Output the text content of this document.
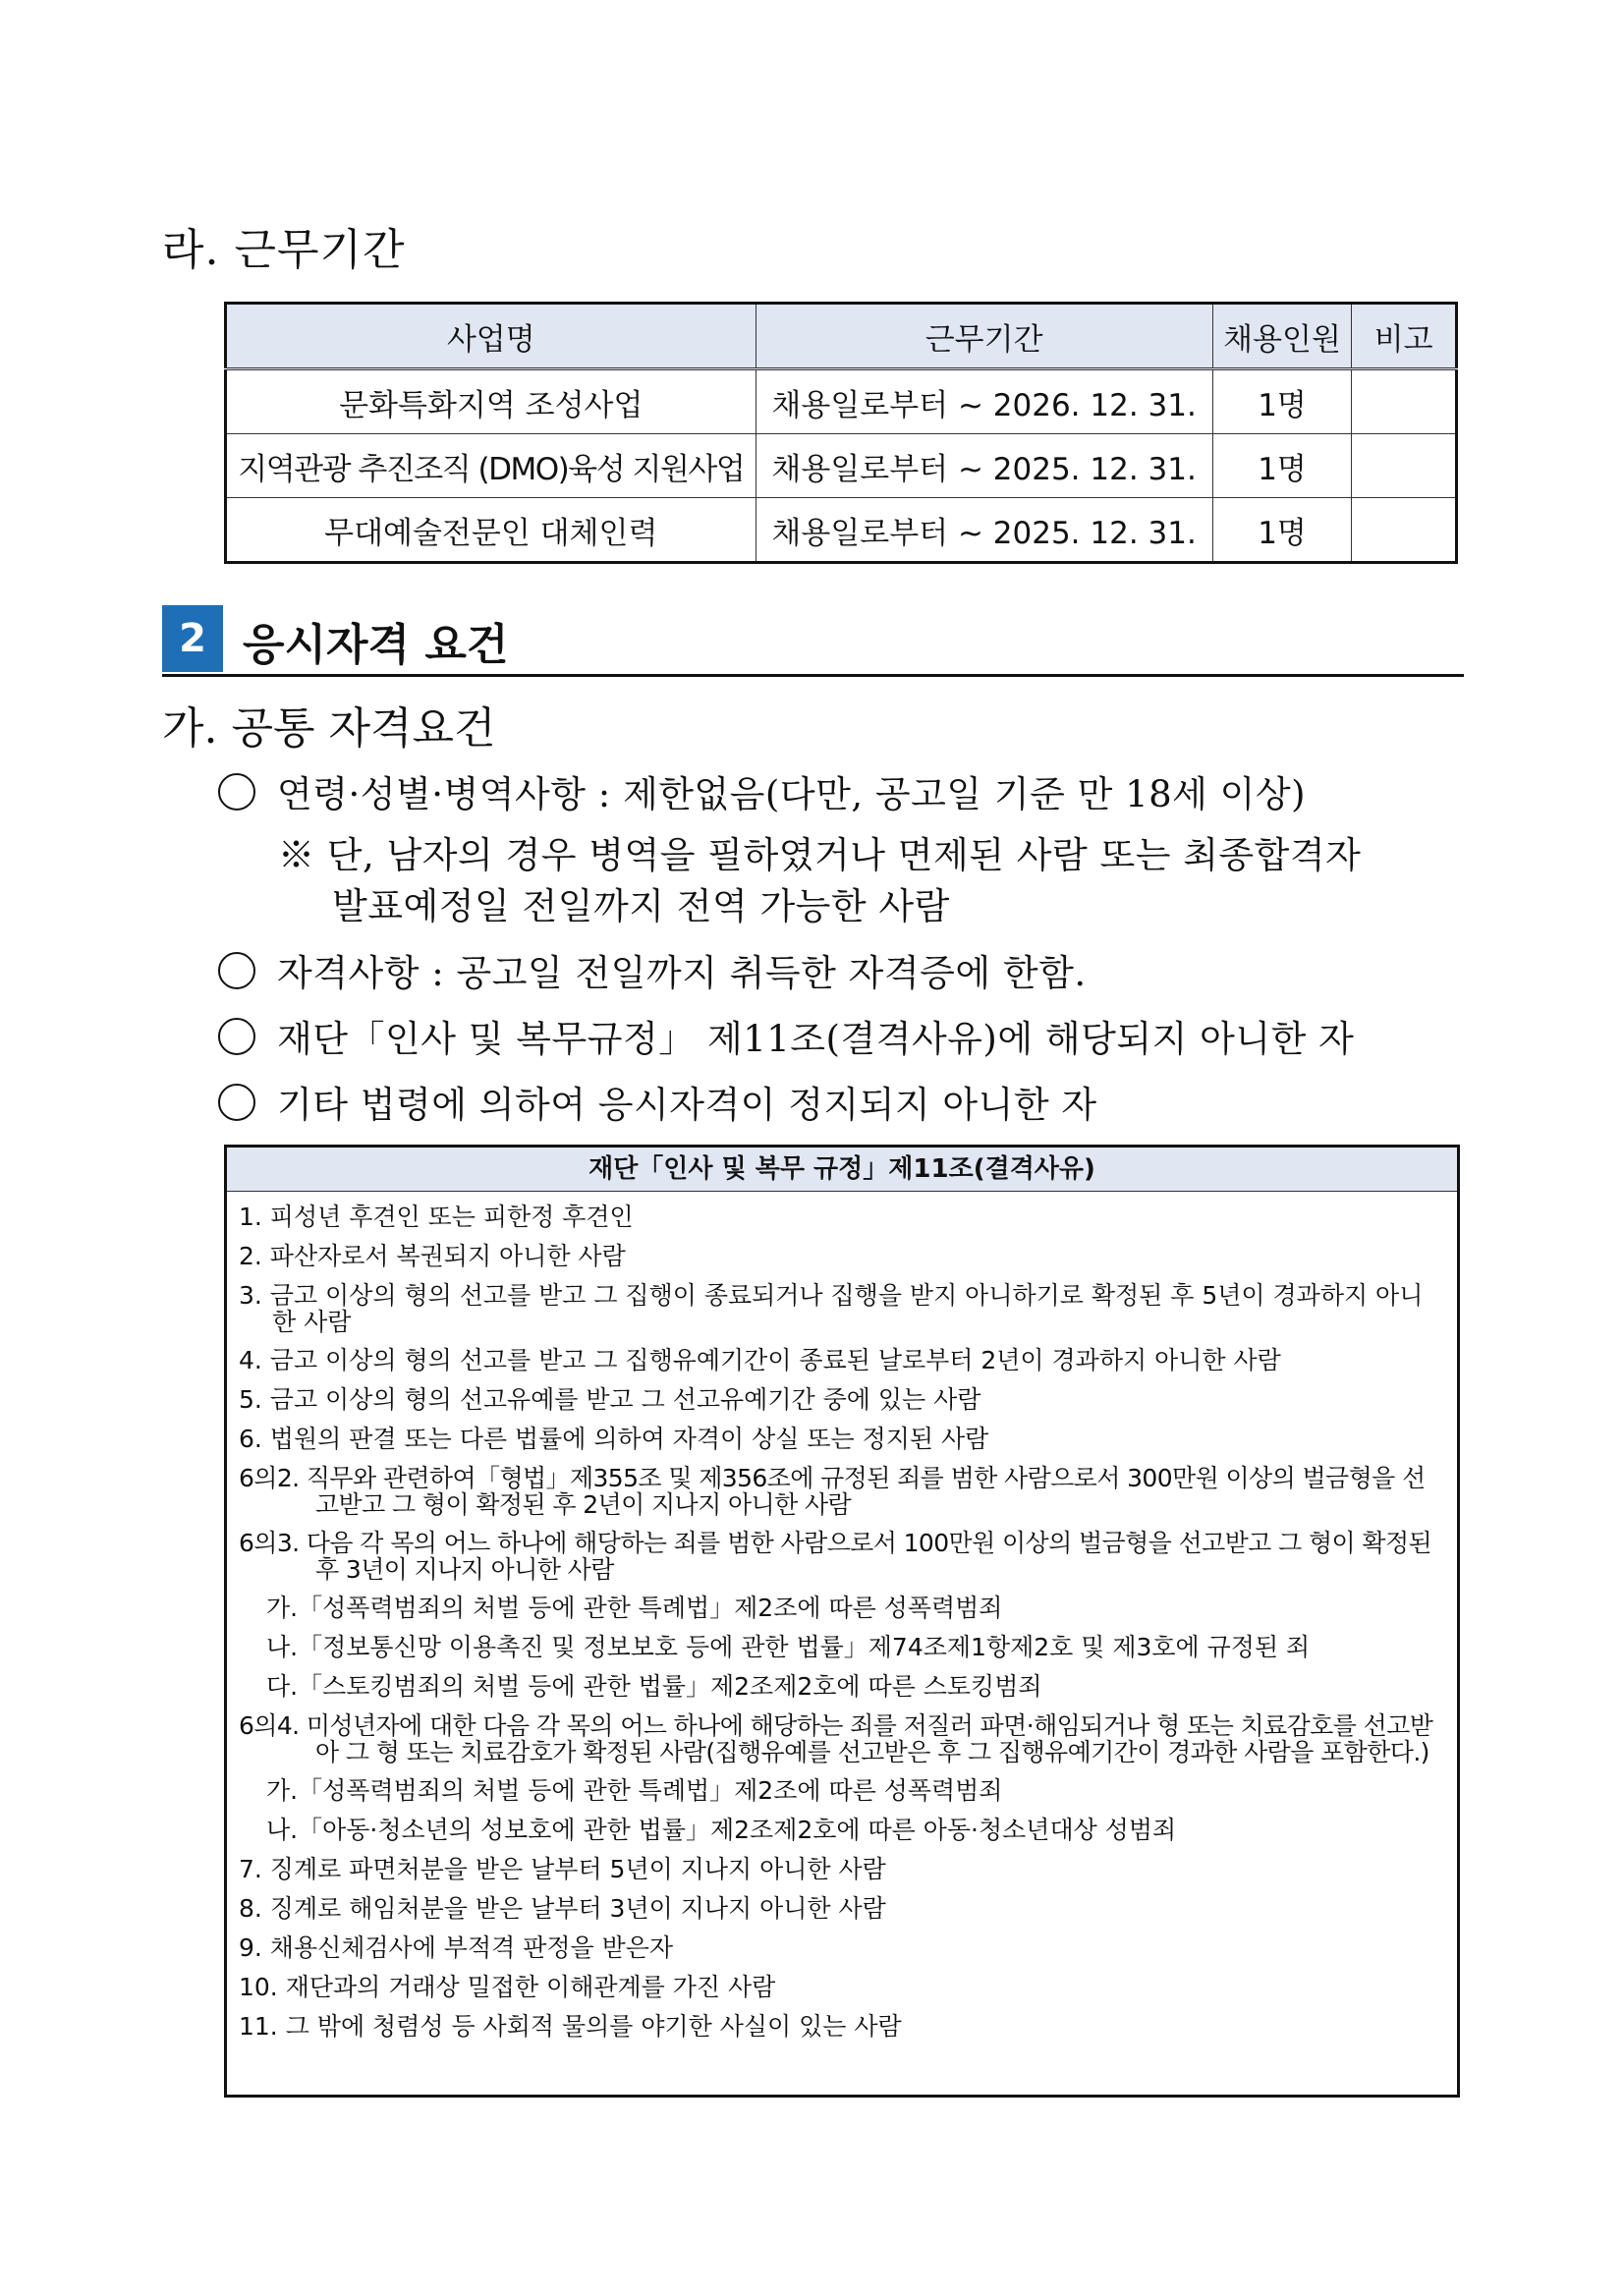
라. 근무기간
사업명	근무기간	채용인원	비고
문화특화지역 조성사업	채용일로부터 ~ 2026. 12. 31.	1명	
지역관광 추진조직 (DMO)육성 지원사업	채용일로부터 ~ 2025. 12. 31.	1명	
무대예술전문인 대체인력	채용일로부터 ~ 2025. 12. 31.	1명	
2 응시자격 요건
가. 공통 자격요건
연령·성별·병역사항 : 제한없음(다만, 공고일 기준 만 18세 이상)
※ 단, 남자의 경우 병역을 필하였거나 면제된 사람 또는 최종합격자
발표예정일 전일까지 전역 가능한 사람
자격사항 : 공고일 전일까지 취득한 자격증에 한함.
재단「인사 및 복무규정」 제11조(결격사유)에 해당되지 아니한 자
기타 법령에 의하여 응시자격이 정지되지 아니한 자
재단「인사 및 복무 규정」제11조(결격사유)
1. 피성년 후견인 또는 피한정 후견인
2. 파산자로서 복권되지 아니한 사람
3. 금고 이상의 형의 선고를 받고 그 집행이 종료되거나 집행을 받지 아니하기로 확정된 후 5년이 경과하지 아니한 사람
4. 금고 이상의 형의 선고를 받고 그 집행유예기간이 종료된 날로부터 2년이 경과하지 아니한 사람
5. 금고 이상의 형의 선고유예를 받고 그 선고유예기간 중에 있는 사람
6. 법원의 판결 또는 다른 법률에 의하여 자격이 상실 또는 정지된 사람
6의2. 직무와 관련하여「형법」제355조 및 제356조에 규정된 죄를 범한 사람으로서 300만원 이상의 벌금형을 선고받고 그 형이 확정된 후 2년이 지나지 아니한 사람
6의3. 다음 각 목의 어느 하나에 해당하는 죄를 범한 사람으로서 100만원 이상의 벌금형을 선고받고 그 형이 확정된 후 3년이 지나지 아니한 사람
가.「성폭력범죄의 처벌 등에 관한 특례법」제2조에 따른 성폭력범죄
나.「정보통신망 이용촉진 및 정보보호 등에 관한 법률」제74조제1항제2호 및 제3호에 규정된 죄
다.「스토킹범죄의 처벌 등에 관한 법률」제2조제2호에 따른 스토킹범죄
6의4. 미성년자에 대한 다음 각 목의 어느 하나에 해당하는 죄를 저질러 파면·해임되거나 형 또는 치료감호를 선고받아 그 형 또는 치료감호가 확정된 사람(집행유예를 선고받은 후 그 집행유예기간이 경과한 사람을 포함한다.)
가.「성폭력범죄의 처벌 등에 관한 특례법」제2조에 따른 성폭력범죄
나.「아동·청소년의 성보호에 관한 법률」제2조제2호에 따른 아동·청소년대상 성범죄
7. 징계로 파면처분을 받은 날부터 5년이 지나지 아니한 사람
8. 징계로 해임처분을 받은 날부터 3년이 지나지 아니한 사람
9. 채용신체검사에 부적격 판정을 받은자
10. 재단과의 거래상 밀접한 이해관계를 가진 사람
11. 그 밖에 청렴성 등 사회적 물의를 야기한 사실이 있는 사람
